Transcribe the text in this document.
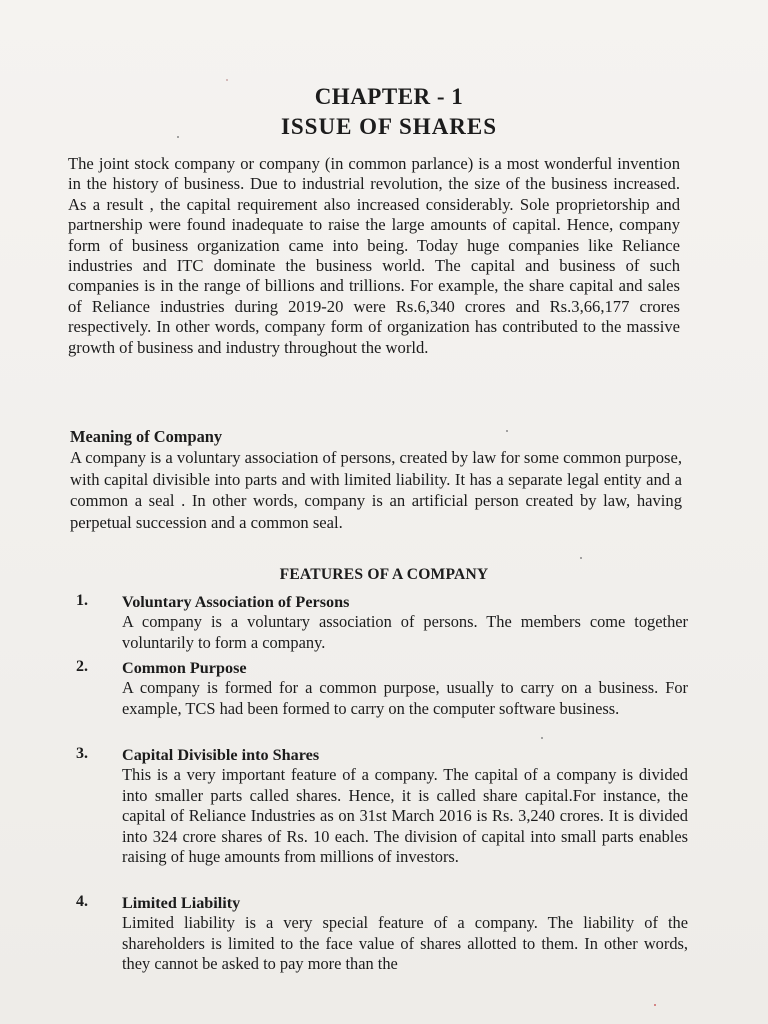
CHAPTER - 1
ISSUE OF SHARES

The joint stock company or company (in common parlance) is a most wonderful invention in the history of business. Due to industrial revolution, the size of the business increased. As a result , the capital requirement also increased considerably. Sole proprietorship and partnership were found inadequate to raise the large amounts of capital. Hence, company form of business organization came into being. Today huge companies like Reliance industries and ITC dominate the business world. The capital and business of such companies is in the range of billions and trillions. For example, the share capital and sales of Reliance industries during 2019-20 were Rs.6,340 crores and Rs.3,66,177 crores respectively. In other words, company form of organization has contributed to the massive growth of business and industry throughout the world.

Meaning of Company

A company is a voluntary association of persons, created by law for some common purpose, with capital divisible into parts and with limited liability. It has a separate legal entity and a common a seal . In other words, company is an artificial person created by law, having perpetual succession and a common seal.

FEATURES OF A COMPANY
1. Voluntary Association of Persons
A company is a voluntary association of persons. The members come together voluntarily to form a company.
2. Common Purpose
A company is formed for a common purpose, usually to carry on a business. For example, TCS had been formed to carry on the computer software business.
3. Capital Divisible into Shares
This is a very important feature of a company. The capital of a company is divided into smaller parts called shares. Hence, it is called share capital.For instance, the capital of Reliance Industries as on 31st March 2016 is Rs. 3,240 crores. It is divided into 324 crore shares of Rs. 10 each. The division of capital into small parts enables raising of huge amounts from millions of investors.
4. Limited Liability
Limited liability is a very special feature of a company. The liability of the shareholders is limited to the face value of shares allotted to them. In other words, they cannot be asked to pay more than the
